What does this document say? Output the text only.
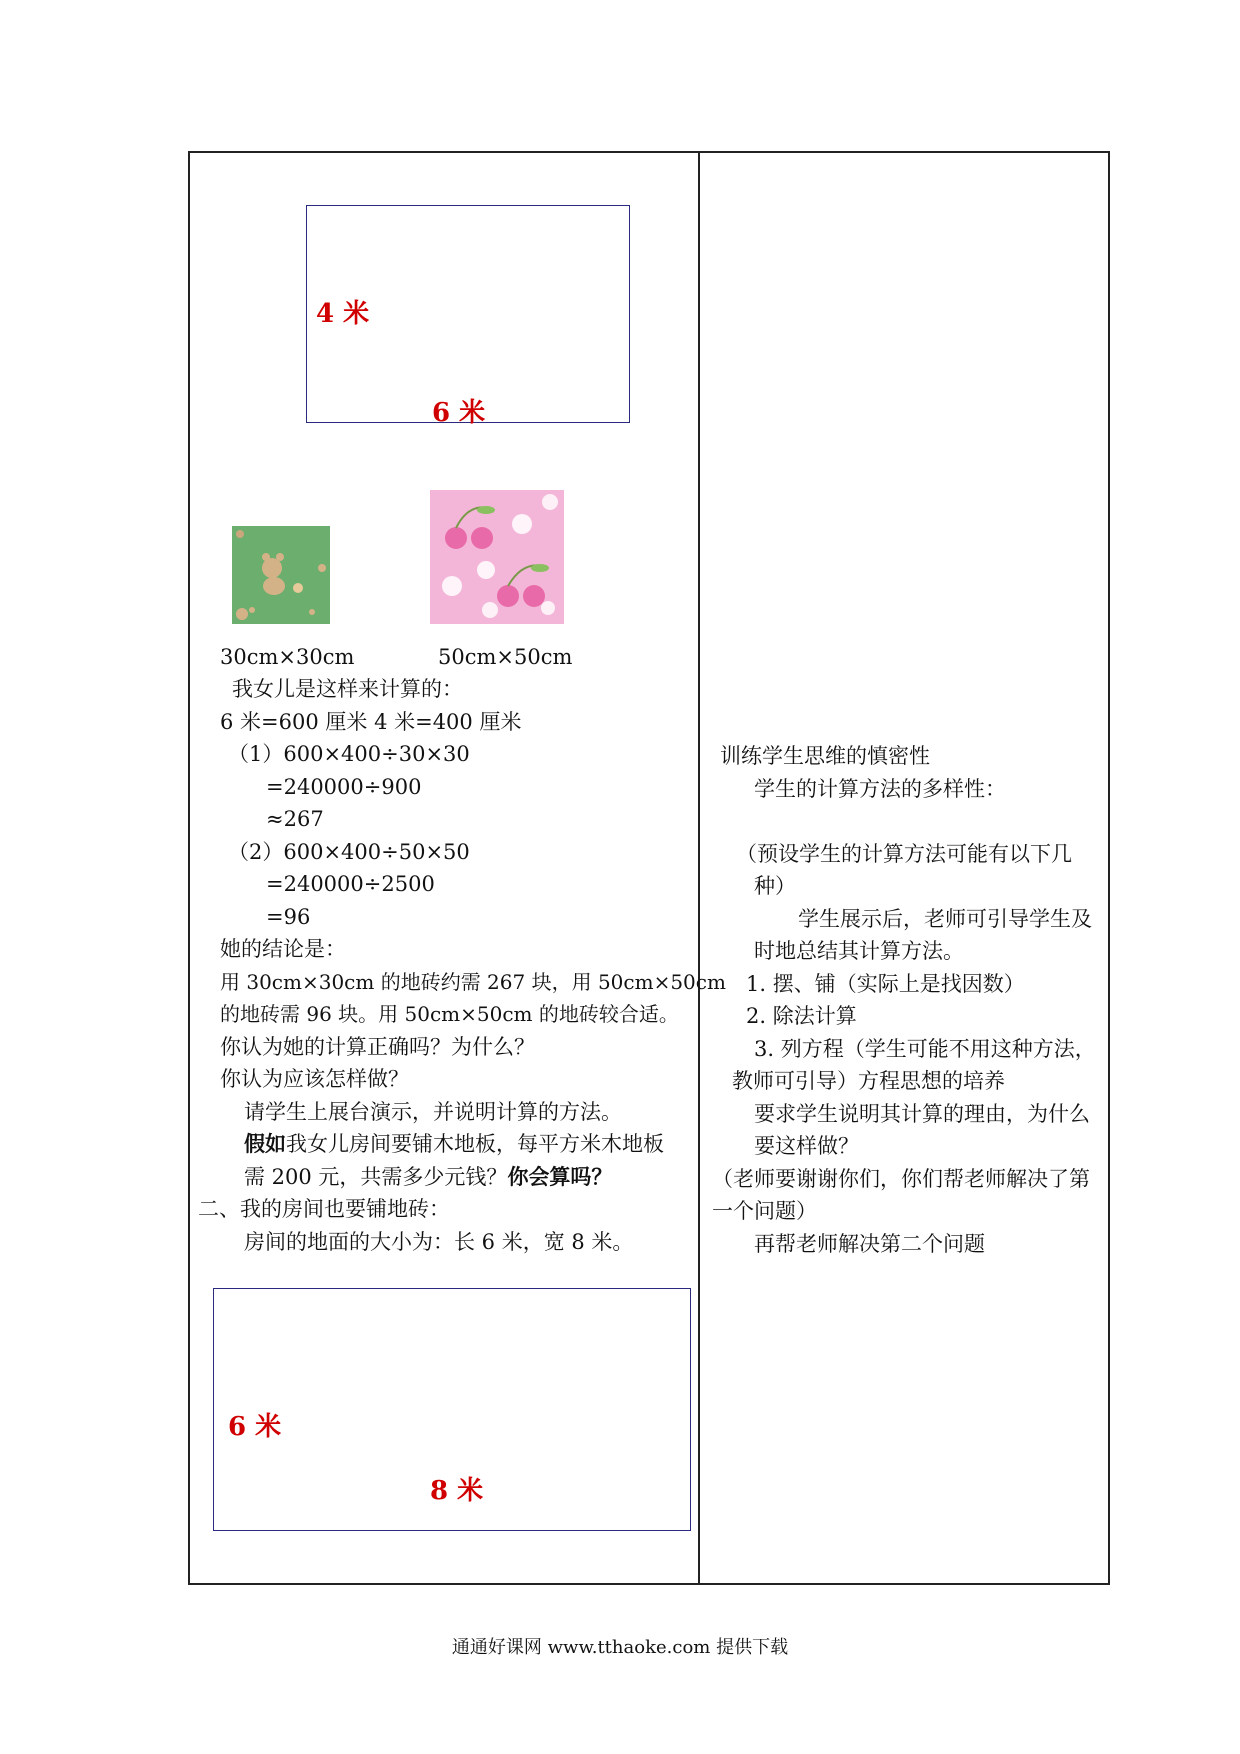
4 米
6 米
30cm×30cm	50cm×50cm
我女儿是这样来计算的：
6 米=600 厘米 4 米=400 厘米
（1）600×400÷30×30
=240000÷900
≈267
（2）600×400÷50×50
=240000÷2500
=96
她的结论是：
用 30cm×30cm 的地砖约需 267 块，用 50cm×50cm
的地砖需 96 块。用 50cm×50cm 的地砖较合适。
你认为她的计算正确吗？为什么？
你认为应该怎样做？
请学生上展台演示，并说明计算的方法。
假如我女儿房间要铺木地板，每平方米木地板
需 200 元，共需多少元钱？你会算吗？
二、我的房间也要铺地砖：
房间的地面的大小为：长 6 米，宽 8 米。
6 米
8 米
训练学生思维的慎密性
学生的计算方法的多样性：
（预设学生的计算方法可能有以下几
种）
学生展示后，老师可引导学生及
时地总结其计算方法。
1. 摆、铺（实际上是找因数）
2. 除法计算
3. 列方程（学生可能不用这种方法，
教师可引导）方程思想的培养
要求学生说明其计算的理由，为什么
要这样做？
（老师要谢谢你们，你们帮老师解决了第
一个问题）
再帮老师解决第二个问题
通通好课网 www.tthaoke.com 提供下载
